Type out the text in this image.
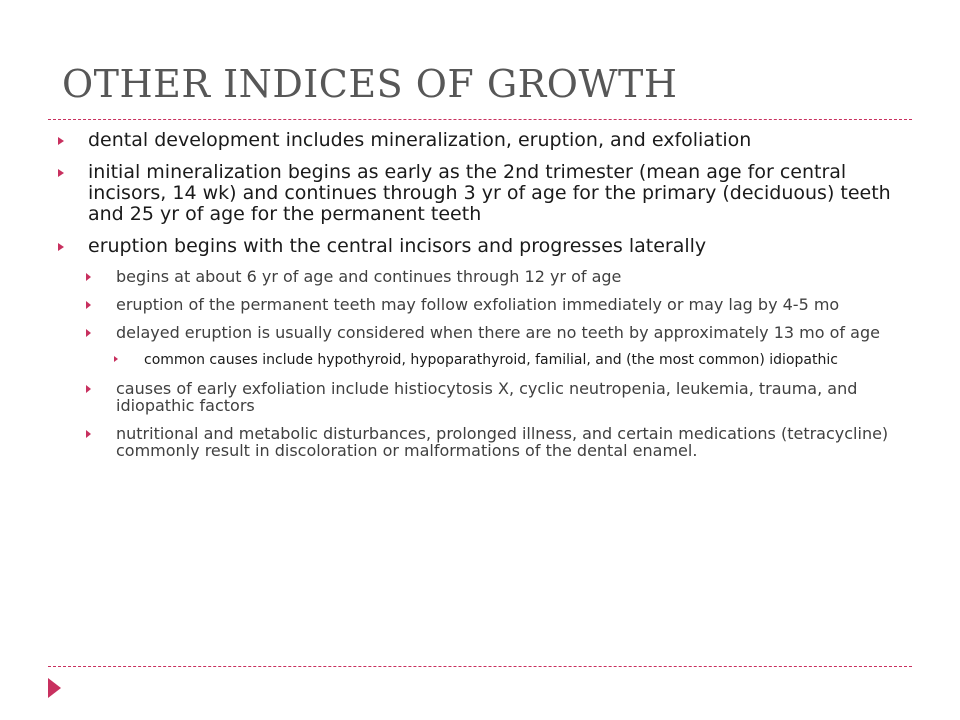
OTHER INDICES OF GROWTH
dental development includes mineralization, eruption, and exfoliation
initial mineralization begins as early as the 2nd trimester (mean age for central incisors, 14 wk) and continues through 3 yr of age for the primary (deciduous) teeth and 25 yr of age for the permanent teeth
eruption begins with the central incisors and progresses laterally
begins at about 6 yr of age and continues through 12 yr of age
eruption of the permanent teeth may follow exfoliation immediately or may lag by 4-5 mo
delayed eruption is usually considered when there are no teeth by approximately 13 mo of age
common causes include hypothyroid, hypoparathyroid, familial, and (the most common) idiopathic
causes of early exfoliation include histiocytosis X, cyclic neutropenia, leukemia, trauma, and idiopathic factors
nutritional and metabolic disturbances, prolonged illness, and certain medications (tetracycline) commonly result in discoloration or malformations of the dental enamel.
